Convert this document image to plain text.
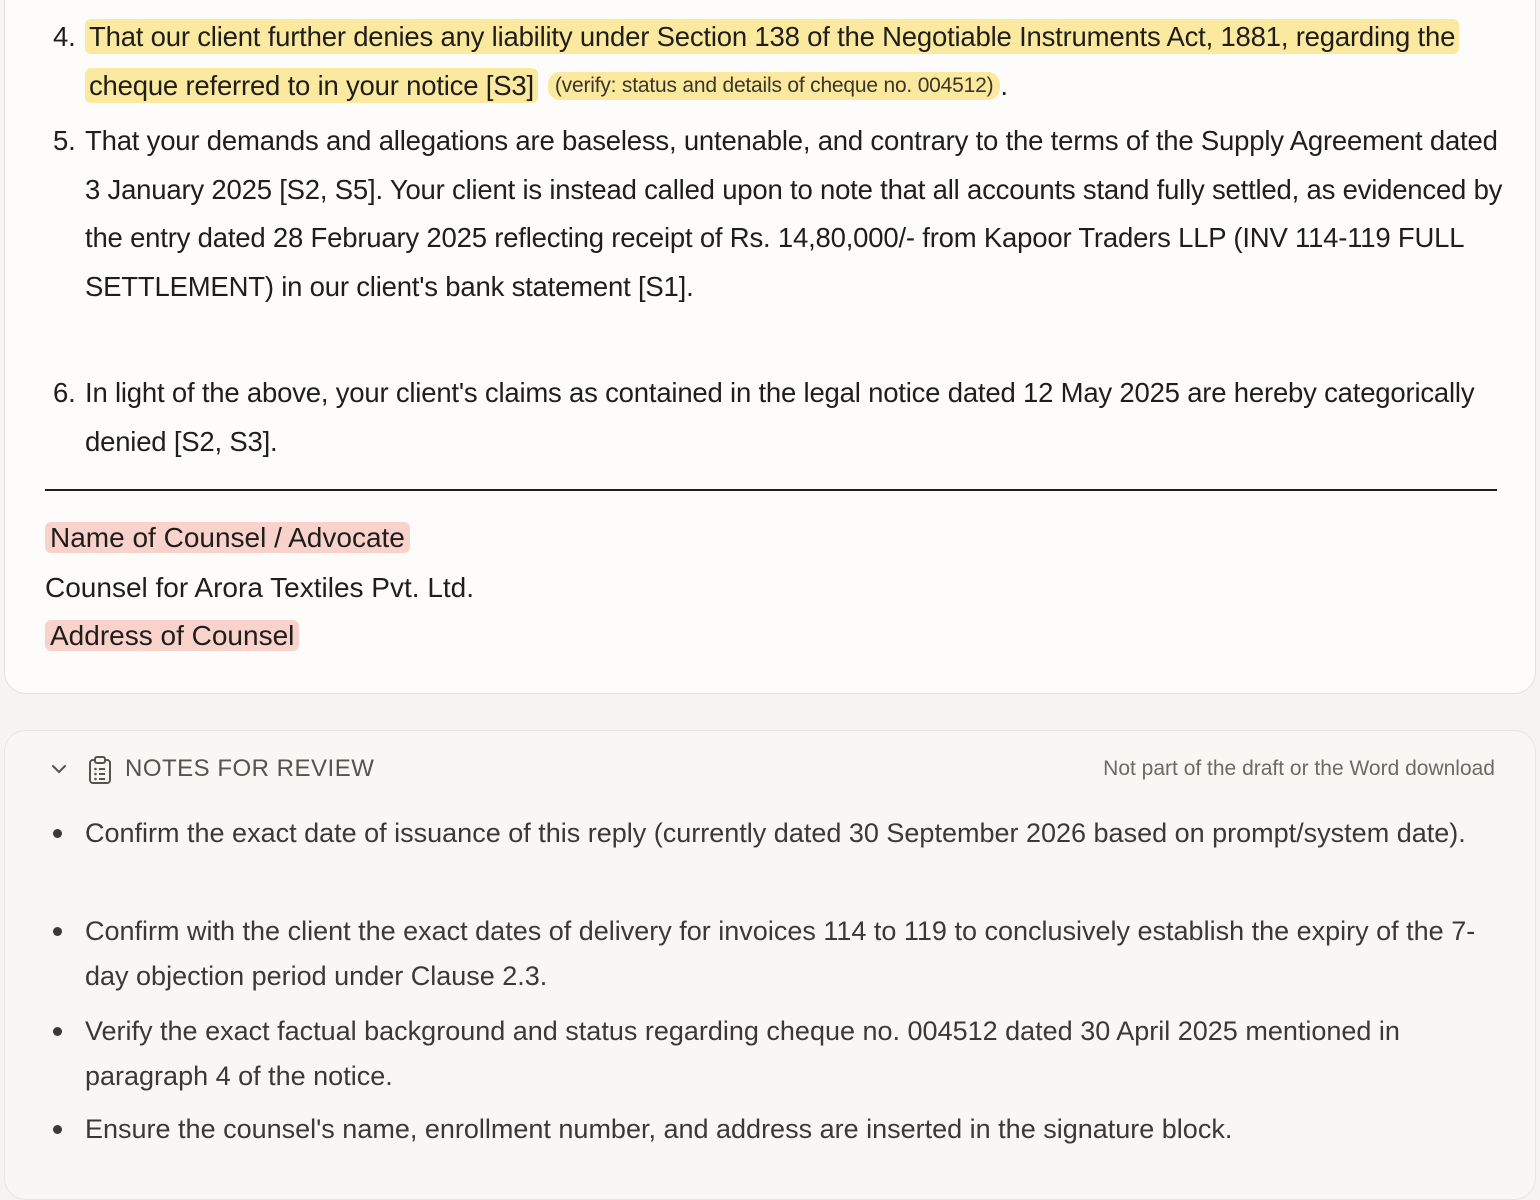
4. That our client further denies any liability under Section 138 of the Negotiable Instruments Act, 1881, regarding the cheque referred to in your notice [S3] (verify: status and details of cheque no. 004512) .
5. That your demands and allegations are baseless, untenable, and contrary to the terms of the Supply Agreement dated 3 January 2025 [S2, S5]. Your client is instead called upon to note that all accounts stand fully settled, as evidenced by the entry dated 28 February 2025 reflecting receipt of Rs. 14,80,000/- from Kapoor Traders LLP (INV 114-119 FULL SETTLEMENT) in our client's bank statement [S1].
6. In light of the above, your client's claims as contained in the legal notice dated 12 May 2025 are hereby categorically denied [S2, S3].
Name of Counsel / Advocate
Counsel for Arora Textiles Pvt. Ltd.
Address of Counsel
NOTES FOR REVIEW	Not part of the draft or the Word download
Confirm the exact date of issuance of this reply (currently dated 30 September 2026 based on prompt/system date).
Confirm with the client the exact dates of delivery for invoices 114 to 119 to conclusively establish the expiry of the 7-day objection period under Clause 2.3.
Verify the exact factual background and status regarding cheque no. 004512 dated 30 April 2025 mentioned in paragraph 4 of the notice.
Ensure the counsel's name, enrollment number, and address are inserted in the signature block.
